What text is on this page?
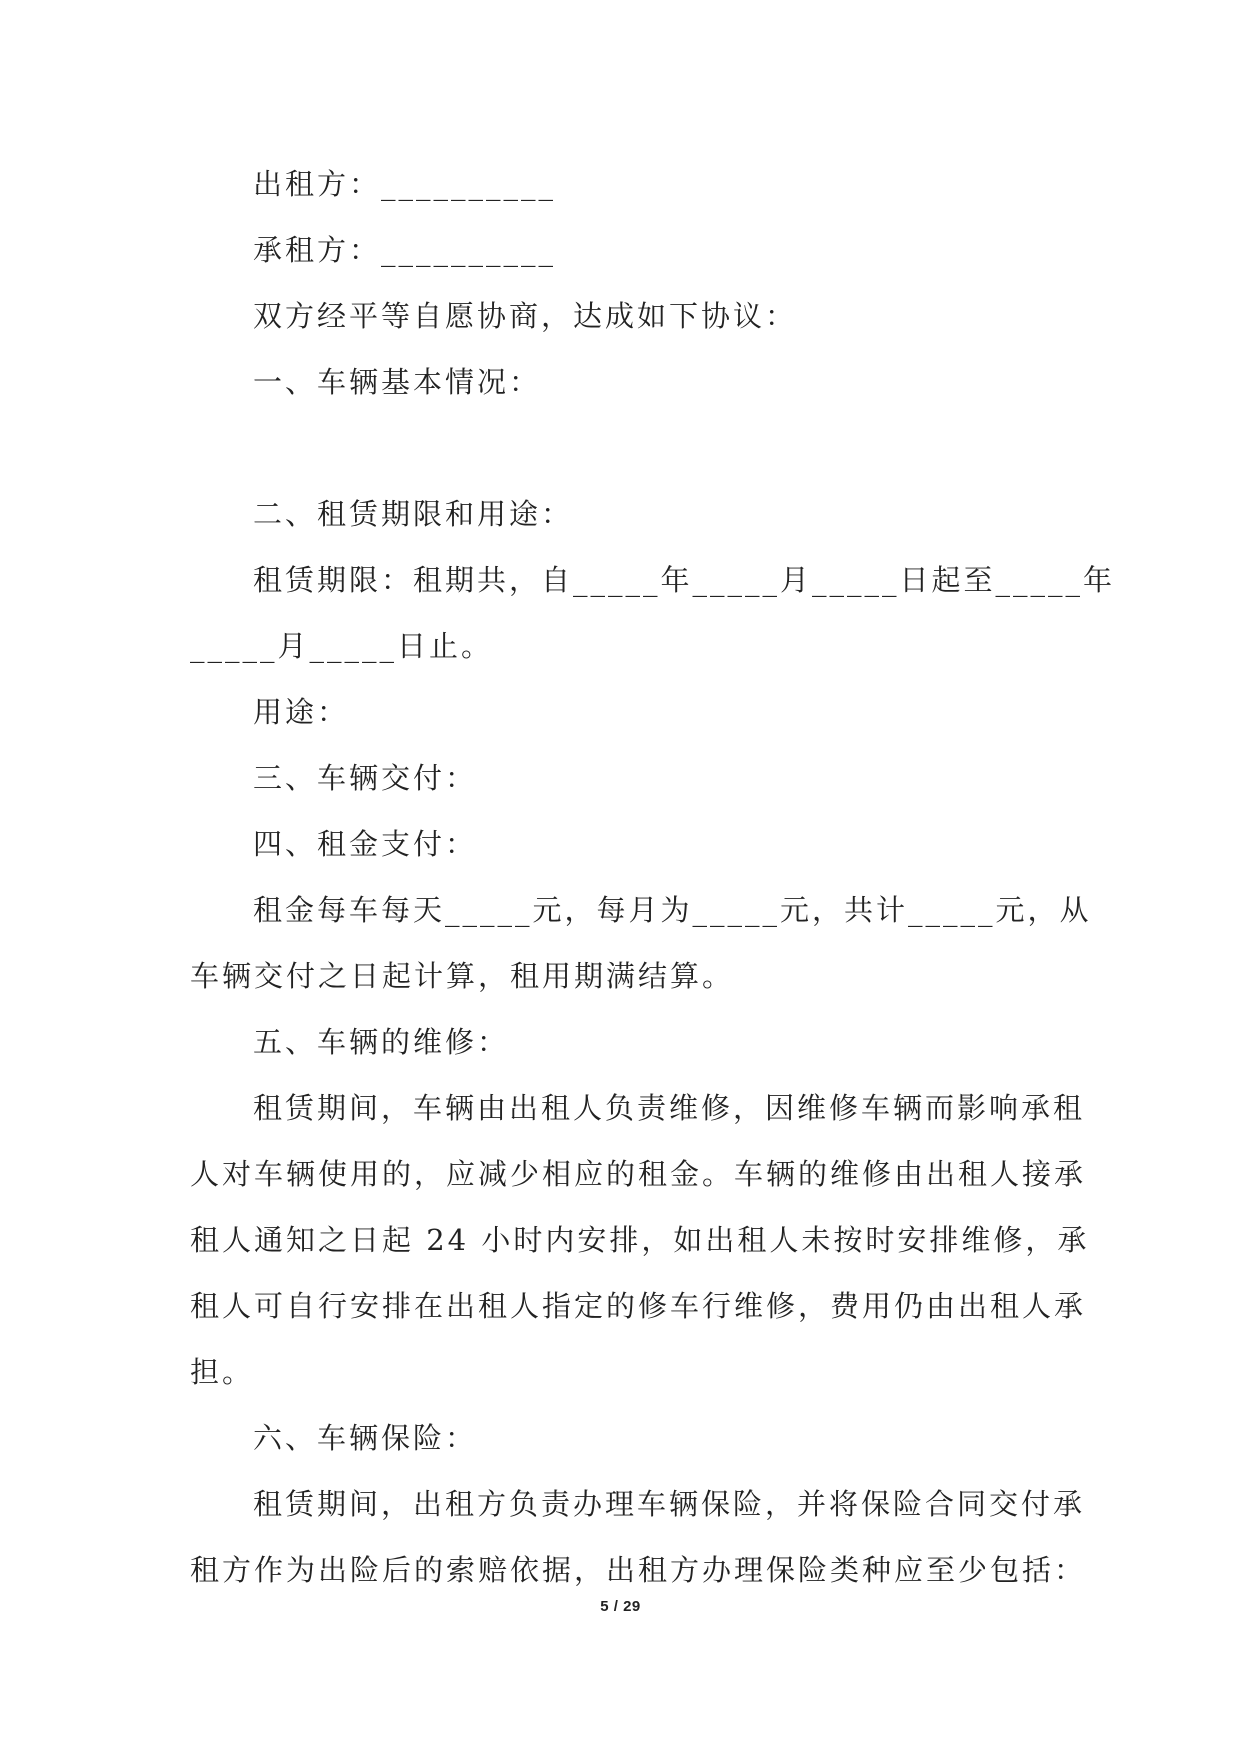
出租方：__________
承租方：__________
双方经平等自愿协商，达成如下协议：
一、车辆基本情况：
二、租赁期限和用途：
租赁期限：租期共，自_____年_____月_____日起至_____年
_____月_____日止。
用途：
三、车辆交付：
四、租金支付：
租金每车每天_____元，每月为_____元，共计_____元，从
车辆交付之日起计算，租用期满结算。
五、车辆的维修：
租赁期间，车辆由出租人负责维修，因维修车辆而影响承租
人对车辆使用的，应减少相应的租金。车辆的维修由出租人接承
租人通知之日起 24 小时内安排，如出租人未按时安排维修，承
租人可自行安排在出租人指定的修车行维修，费用仍由出租人承
担。
六、车辆保险：
租赁期间，出租方负责办理车辆保险，并将保险合同交付承
租方作为出险后的索赔依据，出租方办理保险类种应至少包括：
5 / 29
